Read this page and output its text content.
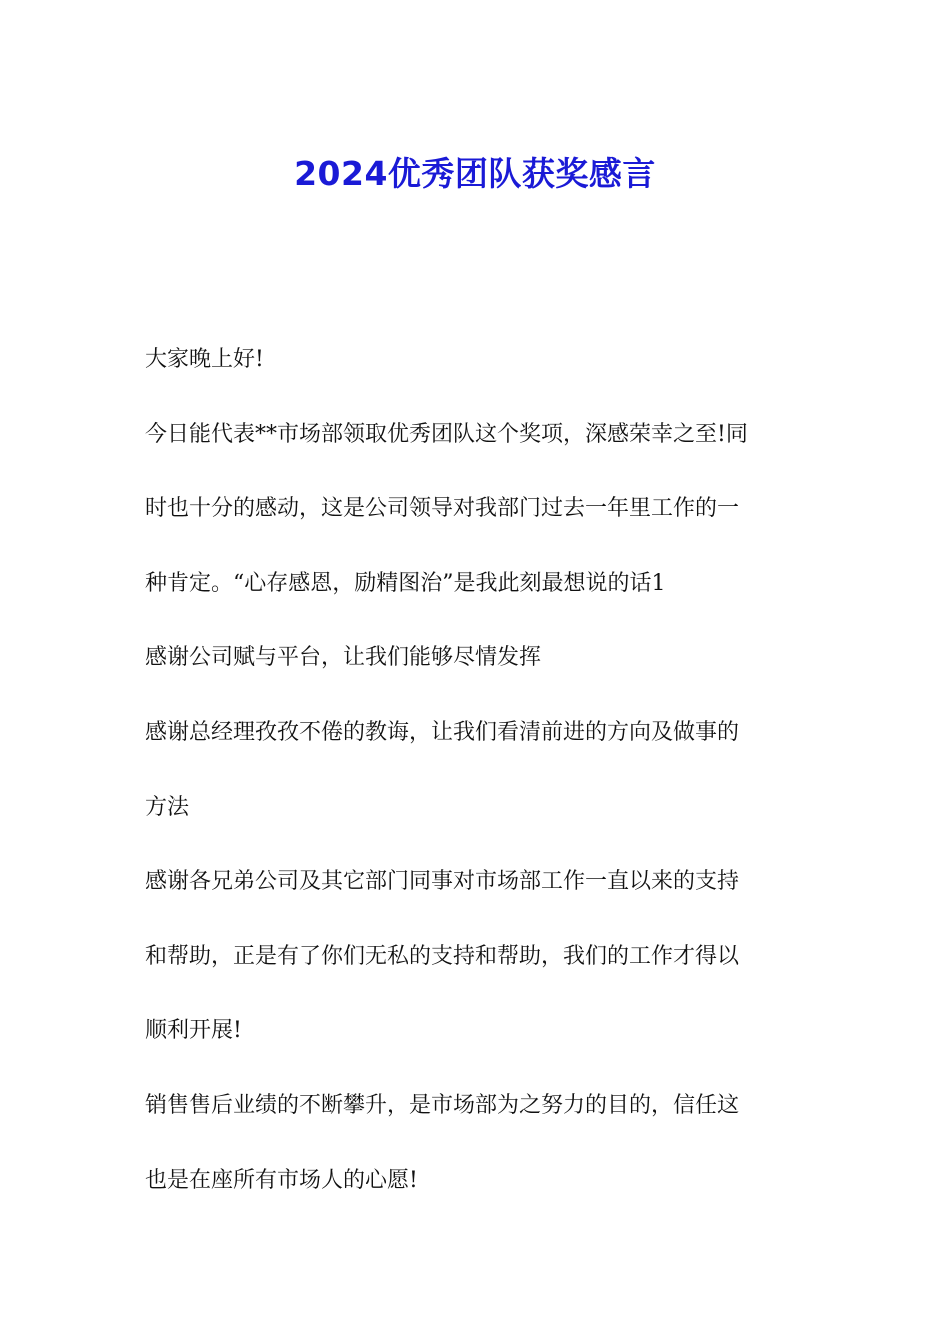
2024优秀团队获奖感言
大家晚上好!
今日能代表**市场部领取优秀团队这个奖项，深感荣幸之至!同
时也十分的感动，这是公司领导对我部门过去一年里工作的一
种肯定。“心存感恩，励精图治”是我此刻最想说的话1
感谢公司赋与平台，让我们能够尽情发挥
感谢总经理孜孜不倦的教诲，让我们看清前进的方向及做事的
方法
感谢各兄弟公司及其它部门同事对市场部工作一直以来的支持
和帮助，正是有了你们无私的支持和帮助，我们的工作才得以
顺利开展!
销售售后业绩的不断攀升，是市场部为之努力的目的，信任这
也是在座所有市场人的心愿!
